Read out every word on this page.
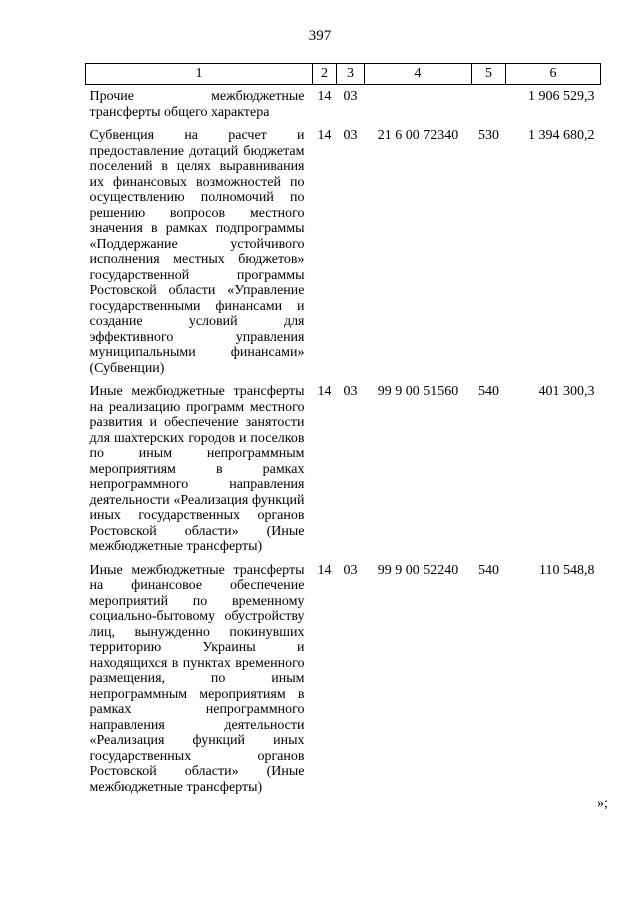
397
1	2	3	4	5	6
Прочие межбюджетные трансферты общего характера	14	03			1 906 529,3
Субвенция на расчет и предоставление дотаций бюджетам поселений в целях выравнивания их финансовых возможностей по осуществлению полномочий по решению вопросов местного значения в рамках подпрограммы «Поддержание устойчивого исполнения местных бюджетов» государственной программы Ростовской области «Управление государственными финансами и создание условий для эффективного управления муниципальными финансами» (Субвенции)	14	03	21 6 00 72340	530	1 394 680,2
Иные межбюджетные трансферты на реализацию программ местного развития и обеспечение занятости для шахтерских городов и поселков по иным непрограммным мероприятиям в рамках непрограммного направления деятельности «Реализация функций иных государственных органов Ростовской области» (Иные межбюджетные трансферты)	14	03	99 9 00 51560	540	401 300,3
Иные межбюджетные трансферты на финансовое обеспечение мероприятий по временному социально-бытовому обустройству лиц, вынужденно покинувших территорию Украины и находящихся в пунктах временного размещения, по иным непрограммным мероприятиям в рамках непрограммного направления деятельности «Реализация функций иных государственных органов Ростовской области» (Иные межбюджетные трансферты)	14	03	99 9 00 52240	540	110 548,8
»;
